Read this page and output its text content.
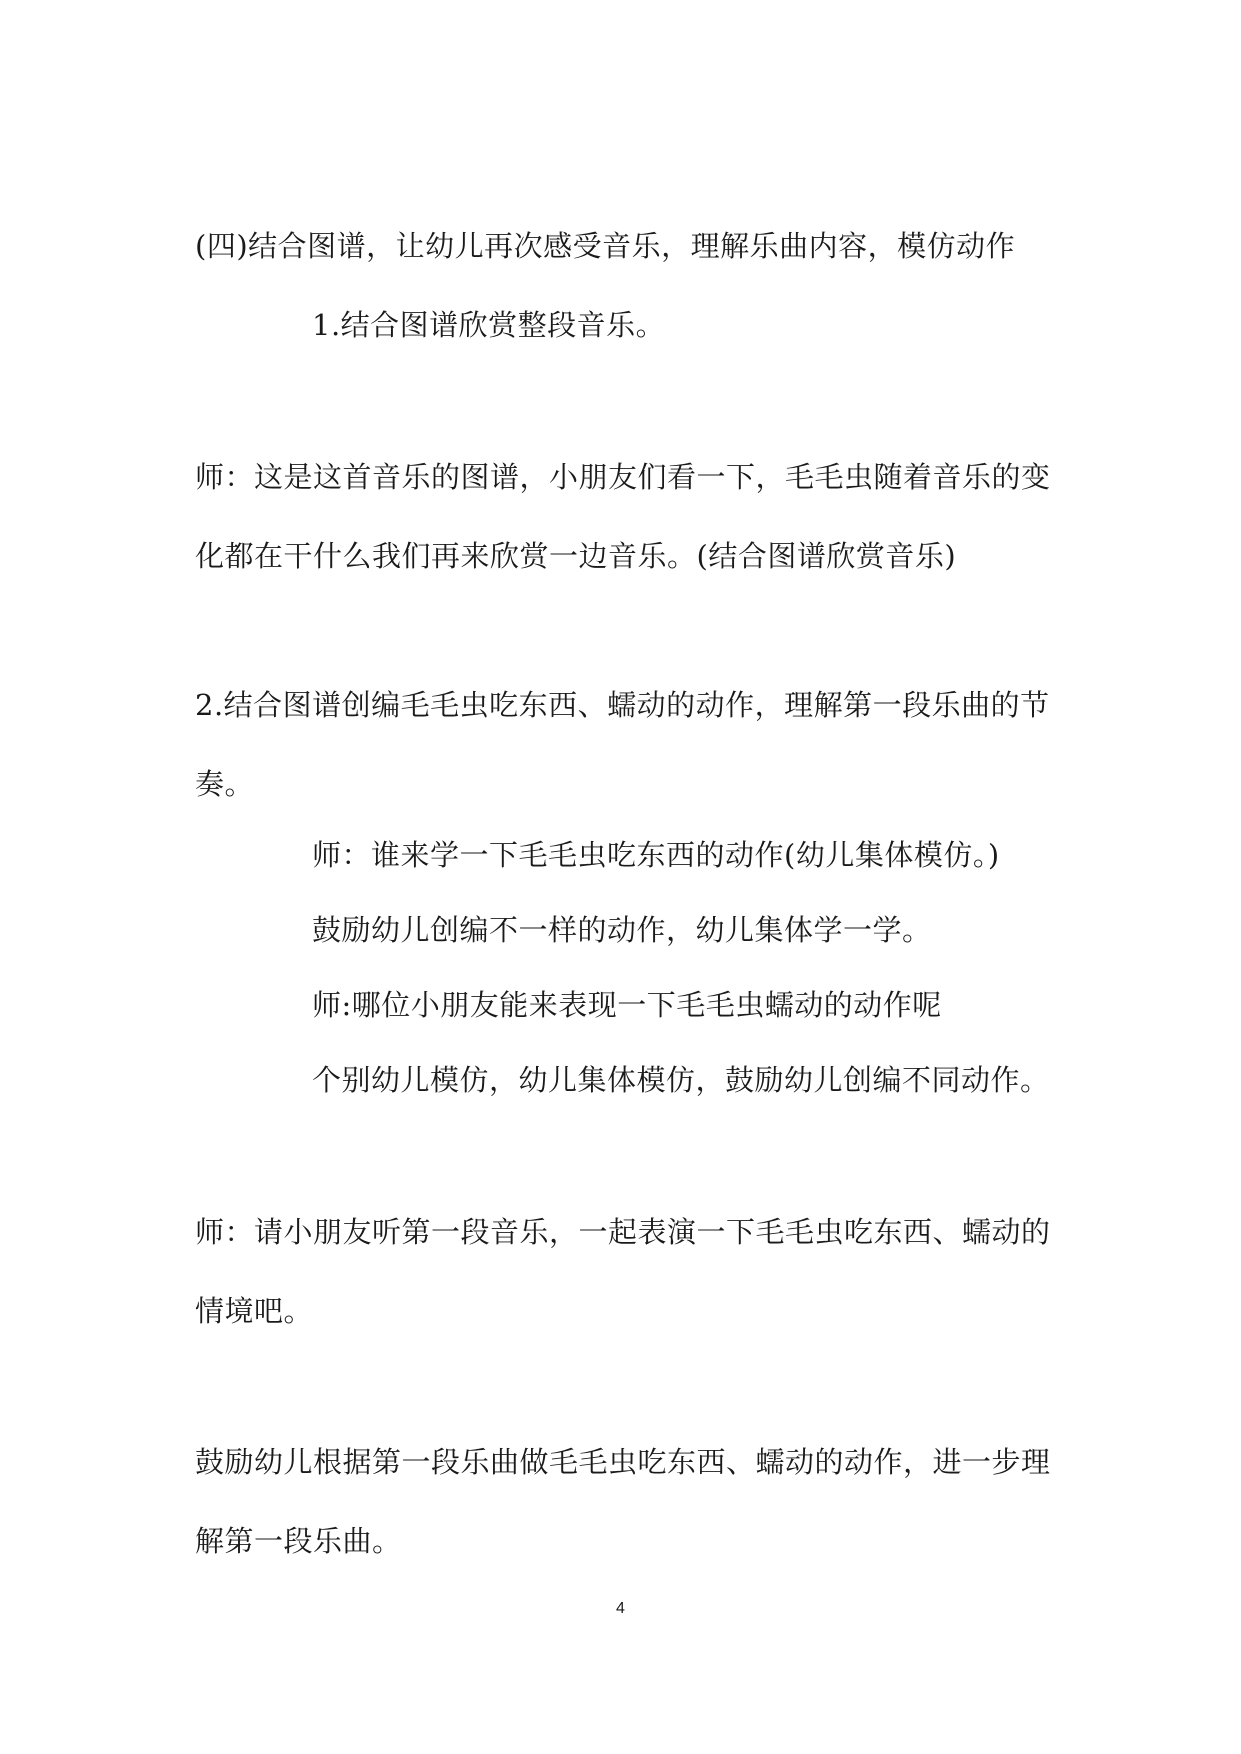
(四)结合图谱，让幼儿再次感受音乐，理解乐曲内容，模仿动作
1.结合图谱欣赏整段音乐。
师：这是这首音乐的图谱，小朋友们看一下，毛毛虫随着音乐的变
化都在干什么我们再来欣赏一边音乐。(结合图谱欣赏音乐)
2.结合图谱创编毛毛虫吃东西、蠕动的动作，理解第一段乐曲的节
奏。
师：谁来学一下毛毛虫吃东西的动作(幼儿集体模仿。)
鼓励幼儿创编不一样的动作，幼儿集体学一学。
师:哪位小朋友能来表现一下毛毛虫蠕动的动作呢
个别幼儿模仿，幼儿集体模仿，鼓励幼儿创编不同动作。
师：请小朋友听第一段音乐，一起表演一下毛毛虫吃东西、蠕动的
情境吧。
鼓励幼儿根据第一段乐曲做毛毛虫吃东西、蠕动的动作，进一步理
解第一段乐曲。
4
